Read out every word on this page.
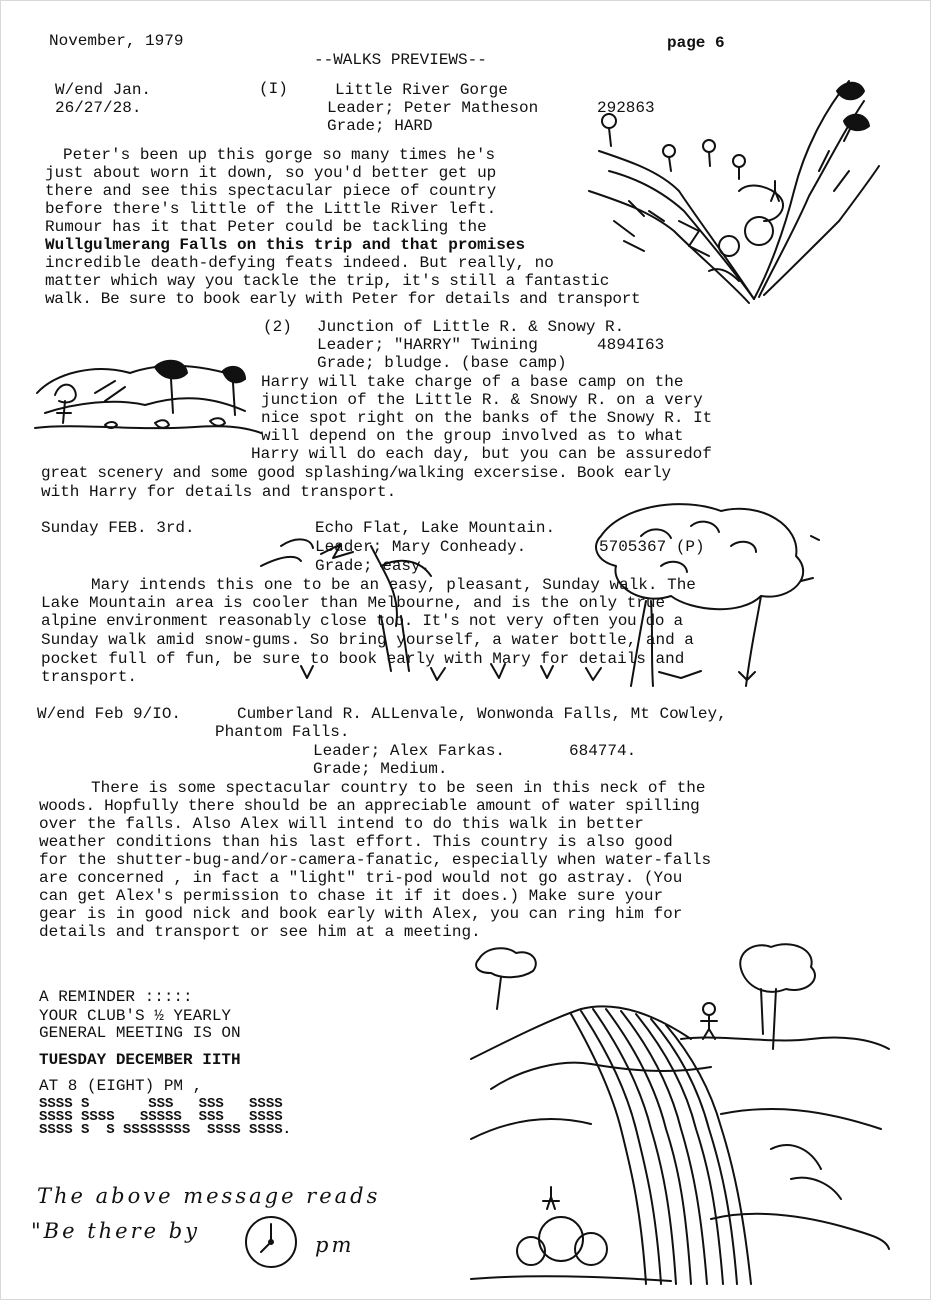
November, 1979	page 6
--WALKS PREVIEWS--
W/end Jan.
26/27/28.
(I)	Little River Gorge
Leader; Peter Matheson	292863
Grade; HARD
Peter's been up this gorge so many times he's
just about worn it down, so you'd better get up
there and see this spectacular piece of country
before there's little of the Little River left.
Rumour has it that Peter could be tackling the
Wullgulmerang Falls on this trip and that promises
incredible death-defying feats indeed. But really, no
matter which way you tackle the trip, it's still a fantastic
walk. Be sure to book early with Peter for details and transport
(2) Junction of Little R. & Snowy R.
Leader; "HARRY" Twining	4894I63
Grade; bludge. (base camp)
Harry will take charge of a base camp on the
junction of the Little R. & Snowy R. on a very
nice spot right on the banks of the Snowy R. It
will depend on the group involved as to what
Harry will do each day, but you can be assuredof
great scenery and some good splashing/walking excersise. Book early
with Harry for details and transport.
Sunday FEB. 3rd.	Echo Flat, Lake Mountain.
Leader; Mary Conheady.	5705367 (P)
Grade; easy.
Mary intends this one to be an easy, pleasant, Sunday walk. The
Lake Mountain area is cooler than Melbourne, and is the only true
alpine environment reasonably close too. It's not very often you do a
Sunday walk amid snow-gums. So bring yourself, a water bottle, and a
pocket full of fun, be sure to book early with Mary for details and
transport.
W/end Feb 9/IO.	Cumberland R. ALLenvale, Wonwonda Falls, Mt Cowley,
Phantom Falls.
Leader; Alex Farkas.	684774.
Grade; Medium.
There is some spectacular country to be seen in this neck of the
woods. Hopfully there should be an appreciable amount of water spilling
over the falls. Also Alex will intend to do this walk in better
weather conditions than his last effort. This country is also good
for the shutter-bug-and/or-camera-fanatic, especially when water-falls
are concerned , in fact a "light" tri-pod would not go astray. (You
can get Alex's permission to chase it if it does.) Make sure your
gear is in good nick and book early with Alex, you can ring him for
details and transport or see him at a meeting.
A REMINDER :::::
YOUR CLUB'S ½ YEARLY
GENERAL MEETING IS ON
TUESDAY DECEMBER IITH
AT 8 (EIGHT) PM ,
SSSS S       SSS   SSS   SSSS
SSSS SSSS   SSSSS  SSS   SSSS
SSSS S  S SSSSSSSS  SSSS SSSS.
The above message reads
"Be there by
pm
